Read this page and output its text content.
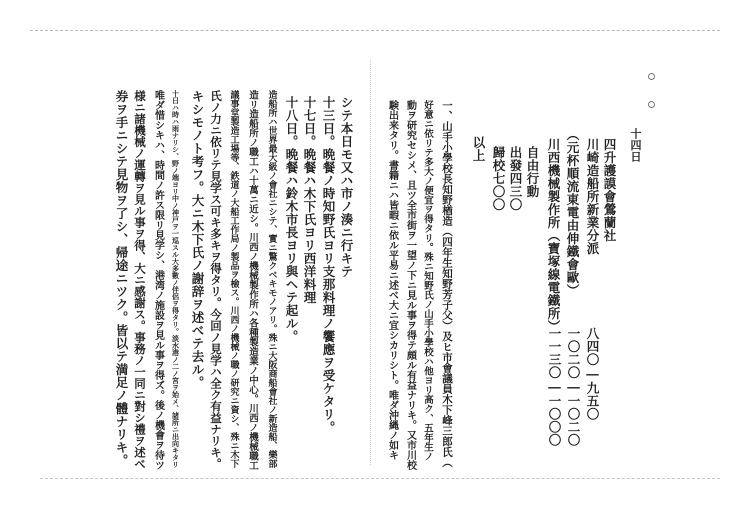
十四日
四升護謨會鶯蘭社
川崎造船所新業分派
八四〇―九五〇
（元杯順流東電由伸鐵會歐）
一〇二〇―一〇二〇
川西機械製作所（寶塚線電鐵所）
一一三〇―一〇〇〇
自由行動
出發四三〇
歸校七〇〇
以上
一、山手小學校長知野楢造（四年生知野芳子父）及ヒ市會議員木下峰三郎氏（
好意ニ依リテ多大ノ便宜ヲ得タリ。殊ニ知野氏ノ山手小學校ハ他ヨリ高ク、五年生ノ
動ヲ研究セシメ、且ツ全市街ヲ一望ノ下ニ見ル事ヲ得テ頗ル有益ナリキ。又市川校
験出来タリ。書籍ニハ皆暇ニ依ル平易ニ述べ大ニ宜シカリシト。唯ダ沖縄ノ如キ
シテ本日モ又ハ市ノ湊ニ行キテ
十三日。晩餐ノ時知野氏ヨリ支那料理ノ饗應ヲ受ケタリ。
十七日。晩餐ハ木下氏ヨリ西洋料理
十八日。晩餐ハ鈴木市長ヨリ與ヘテ起ル。
造船所ハ世界最大級ノ會社ニシテ、實ニ驚クベキモノアリ。殊ニ大阪商船會社ノ新造船、樂部
造リ造船所ノ職工ハ十萬ニ近シ。川西ノ機械製作所ハ各種製造業ノ中心。川西ノ機械職工
議事堂製造工場等、鉄道ノ大船工作局ノ製品ヲ檢ス。川西ノ機械ノ職ノ研究ニ資シ、殊ニ木下
氏ノ力ニ依リテ見学ス可キ多キヲ得タリ。今回ノ見学ハ全ク有益ナリキ。
キシモノト考フ。大ニ木下氏ノ謝辞ヲ述べテ去ル。
十日ハ時ハ雨ナリシ、野ノ端ヨリ中ノ神戸ヲ一巡スル大多數ノ伴侶ヲ得タリ。淡水港ノ二ノ宮ヲ始メ、諸所ニ出向キタリ
唯ダ惜シキハ、時間ノ許ス限リ見学シ、港湾ノ施設ヲ見ル事ヲ得ズ。後ノ機會ヲ待ツ
様ニ諸機械ノ運轉ヲ見ル事ヲ得、大ニ感謝ス。事務ノ一同ニ對シ禮ヲ述べ
券ヲ手ニシテ見物ヲ了シ、帰途ニツク。皆以テ満足ノ體ナリキ。
